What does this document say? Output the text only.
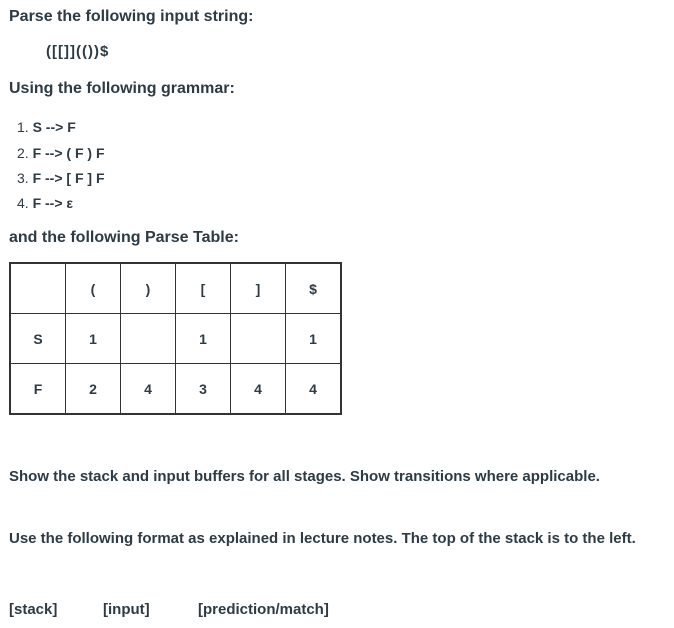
Parse the following input string:
([[]](())$
Using the following grammar:
1. S --> F
2. F --> ( F ) F
3. F --> [ F ] F
4. F --> ε
and the following Parse Table:
	(	)	[	]	$
S	1		1		1
F	2	4	3	4	4
Show the stack and input buffers for all stages. Show transitions where applicable.
Use the following format as explained in lecture notes. The top of the stack is to the left.
[stack]	[input]	[prediction/match]
